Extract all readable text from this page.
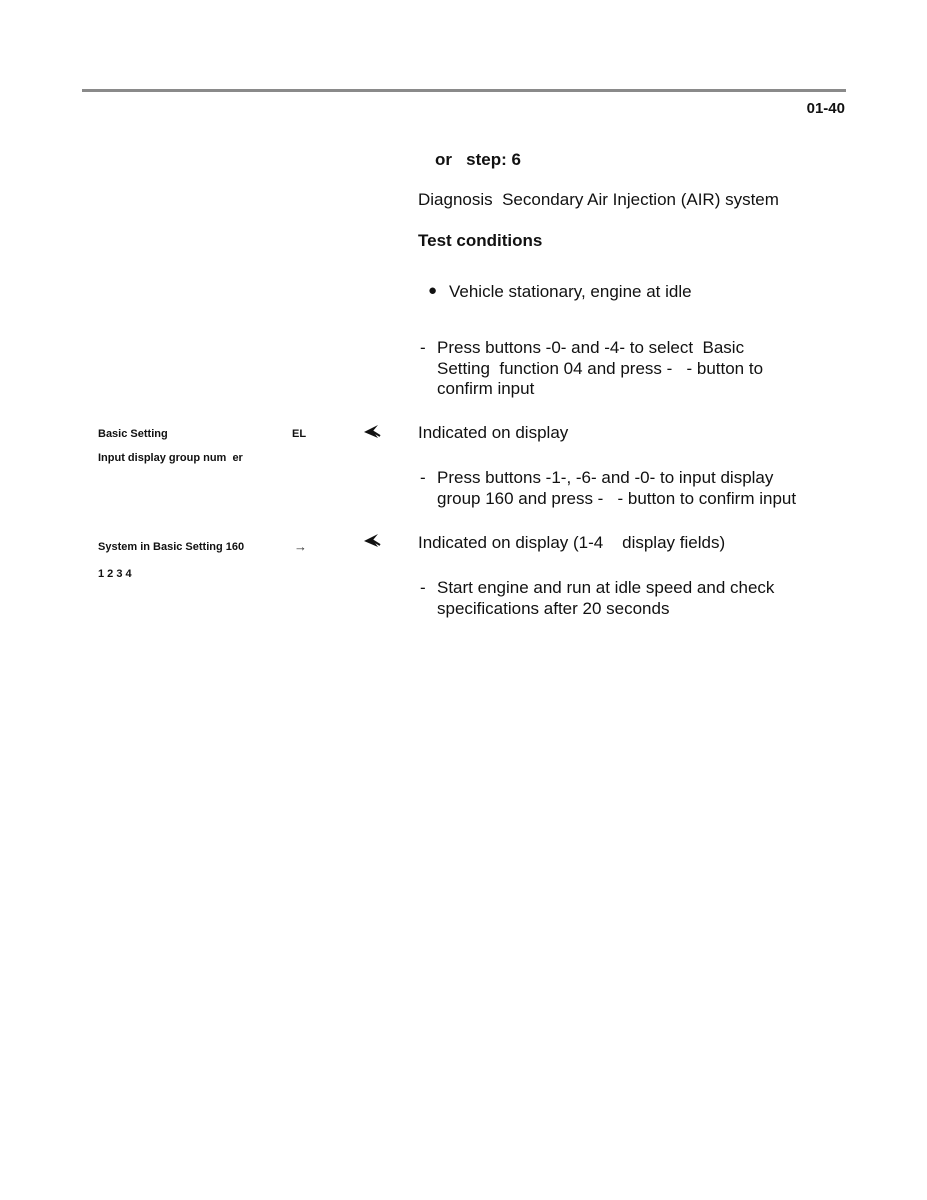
01-40
or   step: 6
Diagnosis  Secondary Air Injection (AIR) system
Test conditions
● Vehicle stationary, engine at idle
- Press buttons -0- and -4- to select  Basic
Setting  function 04 and press -   - button to
confirm input
Basic Setting	EL
Input display group num  er
Indicated on display
- Press buttons -1-, -6- and -0- to input display
group 160 and press -   - button to confirm input
System in Basic Setting 160	→
1 2 3 4
Indicated on display (1-4    display fields)
- Start engine and run at idle speed and check
specifications after 20 seconds
